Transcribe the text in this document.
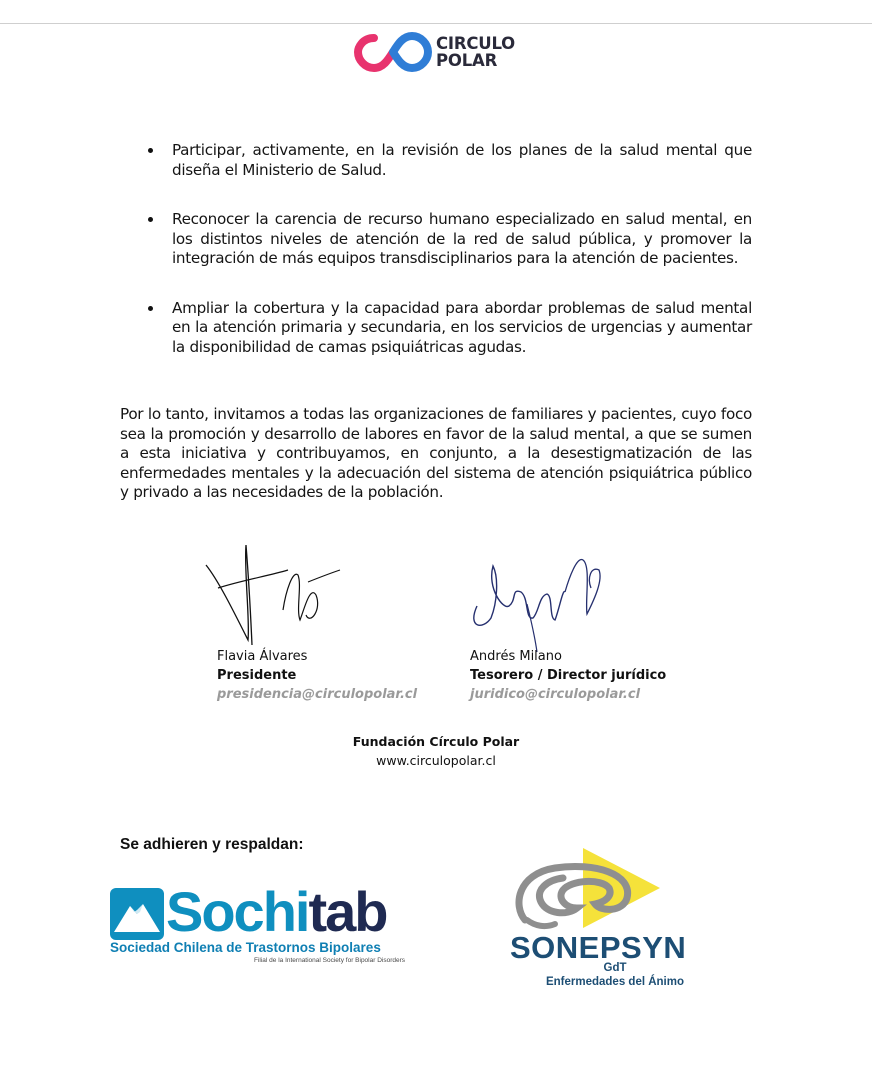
CIRCULO
POLAR
Participar, activamente, en la revisión de los planes de la salud mental que diseña el Ministerio de Salud.
Reconocer la carencia de recurso humano especializado en salud mental, en los distintos niveles de atención de la red de salud pública, y promover la integración de más equipos transdisciplinarios para la atención de pacientes.
Ampliar la cobertura y la capacidad para abordar problemas de salud mental en la atención primaria y secundaria, en los servicios de urgencias y aumentar la disponibilidad de camas psiquiátricas agudas.

Por lo tanto, invitamos a todas las organizaciones de familiares y pacientes, cuyo foco sea la promoción y desarrollo de labores en favor de la salud mental, a que se sumen a esta iniciativa y contribuyamos, en conjunto, a la desestigmatización de las enfermedades mentales y la adecuación del sistema de atención psiquiátrica público y privado a las necesidades de la población.

Flavia Álvares
Presidente
presidencia@circulopolar.cl
Andrés Milano
Tesorero / Director jurídico
juridico@circulopolar.cl
Fundación Círculo Polar
www.circulopolar.cl
Se adhieren y respaldan:
Sochitab
Sociedad Chilena de Trastornos Bipolares
Filial de la International Society for Bipolar Disorders	SONEPSYN
GdT
Enfermedades del Ánimo
